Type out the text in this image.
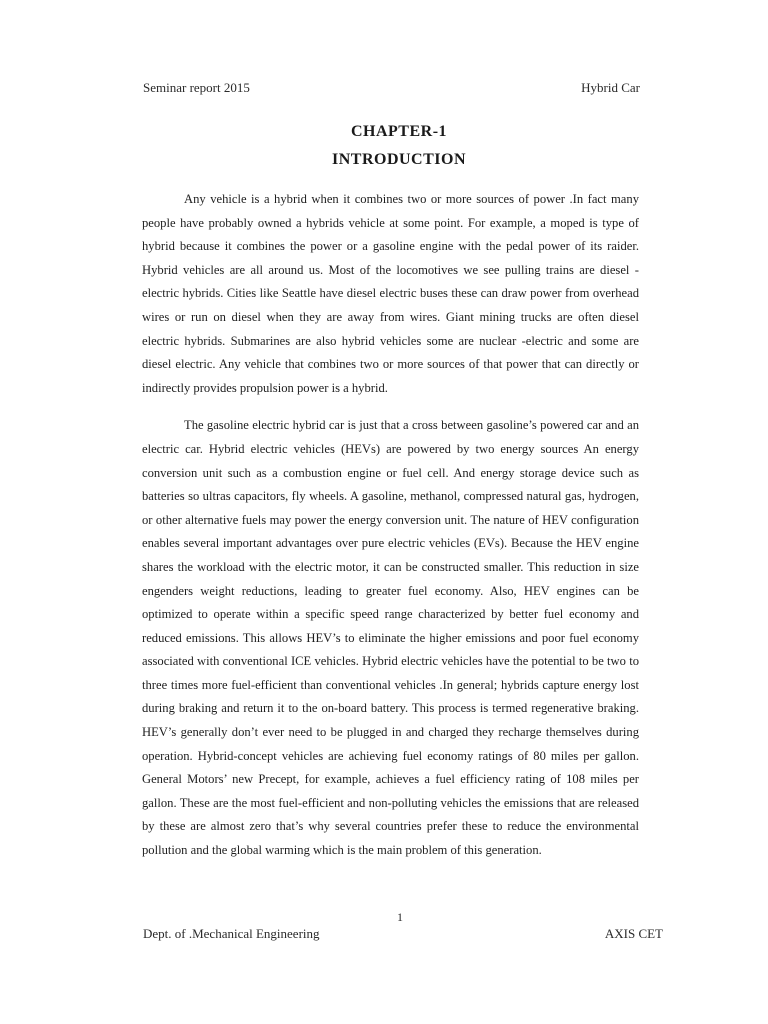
Seminar report 2015	Hybrid Car
CHAPTER-1
INTRODUCTION

Any vehicle is a hybrid when it combines two or more sources of power .In fact many people have probably owned a hybrids vehicle at some point. For example, a moped is type of hybrid because it combines the power or a gasoline engine with the pedal power of its raider. Hybrid vehicles are all around us. Most of the locomotives we see pulling trains are diesel -electric hybrids. Cities like Seattle have diesel electric buses these can draw power from overhead wires or run on diesel when they are away from wires. Giant mining trucks are often diesel electric hybrids. Submarines are also hybrid vehicles some are nuclear -electric and some are diesel electric. Any vehicle that combines two or more sources of that power that can directly or indirectly provides propulsion power is a hybrid.

The gasoline electric hybrid car is just that a cross between gasoline’s powered car and an electric car. Hybrid electric vehicles (HEVs) are powered by two energy sources An energy conversion unit such as a combustion engine or fuel cell. And energy storage device such as batteries so ultras capacitors, fly wheels. A gasoline, methanol, compressed natural gas, hydrogen, or other alternative fuels may power the energy conversion unit. The nature of HEV configuration enables several important advantages over pure electric vehicles (EVs). Because the HEV engine shares the workload with the electric motor, it can be constructed smaller. This reduction in size engenders weight reductions, leading to greater fuel economy. Also, HEV engines can be optimized to operate within a specific speed range characterized by better fuel economy and reduced emissions. This allows HEV’s to eliminate the higher emissions and poor fuel economy associated with conventional ICE vehicles. Hybrid electric vehicles have the potential to be two to three times more fuel-efficient than conventional vehicles .In general; hybrids capture energy lost during braking and return it to the on-board battery. This process is termed regenerative braking. HEV’s generally don’t ever need to be plugged in and charged they recharge themselves during operation. Hybrid-concept vehicles are achieving fuel economy ratings of 80 miles per gallon. General Motors’ new Precept, for example, achieves a fuel efficiency rating of 108 miles per gallon. These are the most fuel-efficient and non-polluting vehicles the emissions that are released by these are almost zero that’s why several countries prefer these to reduce the environmental pollution and the global warming which is the main problem of this generation.

1
Dept. of .Mechanical Engineering	AXIS CET
